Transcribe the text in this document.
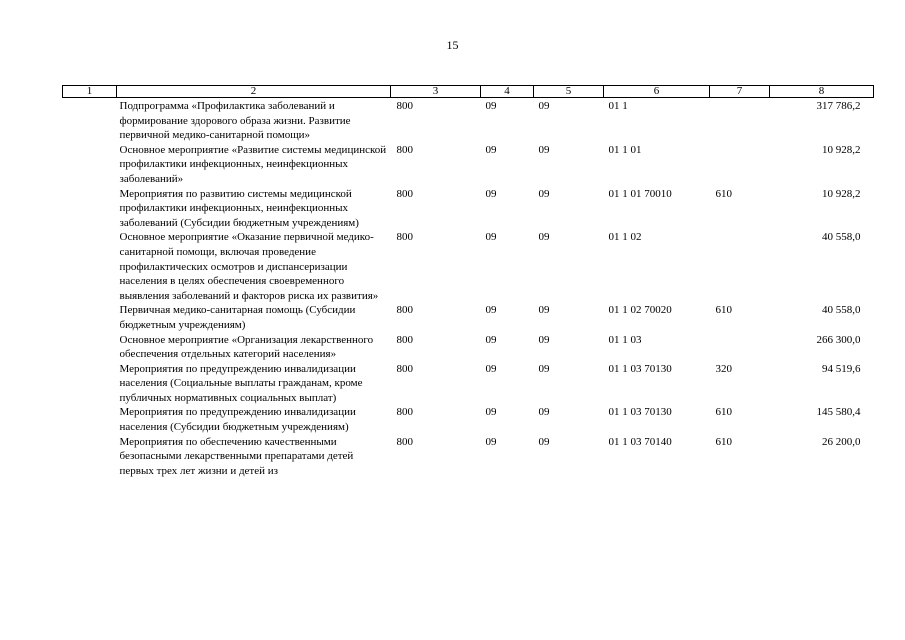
15
1	2	3	4	5	6	7	8
Подпрограмма «Профилактика заболеваний и формирование здорового образа жизни. Развитие первичной медико-санитарной помощи»		800	09	09	01 1		317 786,2
Основное мероприятие «Развитие системы медицинской профилактики инфекционных, неинфекционных заболеваний»		800	09	09	01 1 01		10 928,2
Мероприятия по развитию системы медицинской профилактики инфекционных, неинфекционных заболеваний (Субсидии бюджетным учреждениям)		800	09	09	01 1 01 70010	610	10 928,2
Основное мероприятие «Оказание первичной медико-санитарной помощи, включая проведение профилактических осмотров и диспансеризации населения в целях обеспечения своевременного выявления заболеваний и факторов риска их развития»		800	09	09	01 1 02		40 558,0
Первичная медико-санитарная помощь (Субсидии бюджетным учреждениям)		800	09	09	01 1 02 70020	610	40 558,0
Основное мероприятие «Организация лекарственного обеспечения отдельных категорий населения»		800	09	09	01 1 03		266 300,0
Мероприятия по предупреждению инвалидизации населения (Социальные выплаты гражданам, кроме публичных нормативных социальных выплат)		800	09	09	01 1 03 70130	320	94 519,6
Мероприятия по предупреждению инвалидизации населения (Субсидии бюджетным учреждениям)		800	09	09	01 1 03 70130	610	145 580,4
Мероприятия по обеспечению качественными безопасными лекарственными препаратами детей первых трех лет жизни и детей из		800	09	09	01 1 03 70140	610	26 200,0
